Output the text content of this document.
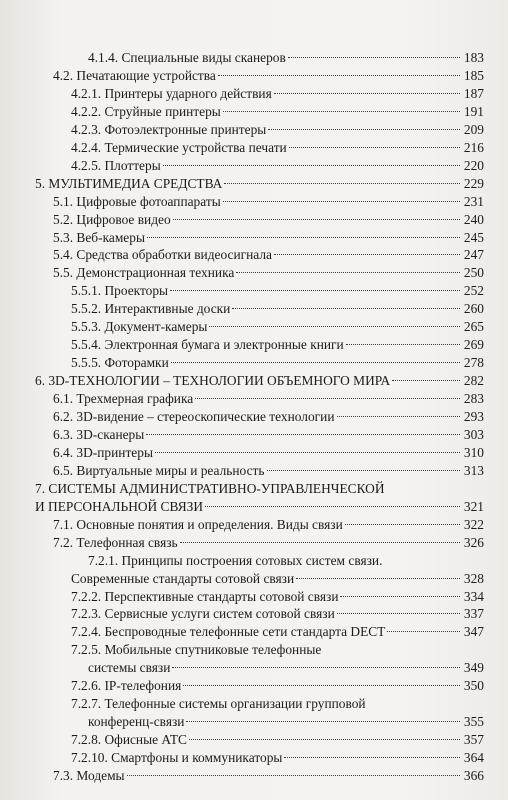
4.1.4. Специальные виды сканеров	183
4.2. Печатающие устройства	185
4.2.1. Принтеры ударного действия	187
4.2.2. Струйные принтеры	191
4.2.3. Фотоэлектронные принтеры	209
4.2.4. Термические устройства печати	216
4.2.5. Плоттеры	220
5. МУЛЬТИМЕДИА СРЕДСТВА	229
5.1. Цифровые фотоаппараты	231
5.2. Цифровое видео	240
5.3. Веб-камеры	245
5.4. Средства обработки видеосигнала	247
5.5. Демонстрационная техника	250
5.5.1. Проекторы	252
5.5.2. Интерактивные доски	260
5.5.3. Документ-камеры	265
5.5.4. Электронная бумага и электронные книги	269
5.5.5. Фоторамки	278
6. 3D-ТЕХНОЛОГИИ – ТЕХНОЛОГИИ ОБЪЕМНОГО МИРА	282
6.1. Трехмерная графика	283
6.2. 3D-видение – стереоскопические технологии	293
6.3. 3D-сканеры	303
6.4. 3D-принтеры	310
6.5. Виртуальные миры и реальность	313
7. СИСТЕМЫ АДМИНИСТРАТИВНО-УПРАВЛЕНЧЕСКОЙ
И ПЕРСОНАЛЬНОЙ СВЯЗИ	321
7.1. Основные понятия и определения. Виды связи	322
7.2. Телефонная связь	326
7.2.1. Принципы построения сотовых систем связи.
Современные стандарты сотовой связи	328
7.2.2. Перспективные стандарты сотовой связи	334
7.2.3. Сервисные услуги систем сотовой связи	337
7.2.4. Беспроводные телефонные сети стандарта DECT	347
7.2.5. Мобильные спутниковые телефонные
системы связи	349
7.2.6. IP-телефония	350
7.2.7. Телефонные системы организации групповой
конференц-связи	355
7.2.8. Офисные АТС	357
7.2.10. Смартфоны и коммуникаторы	364
7.3. Модемы	366
